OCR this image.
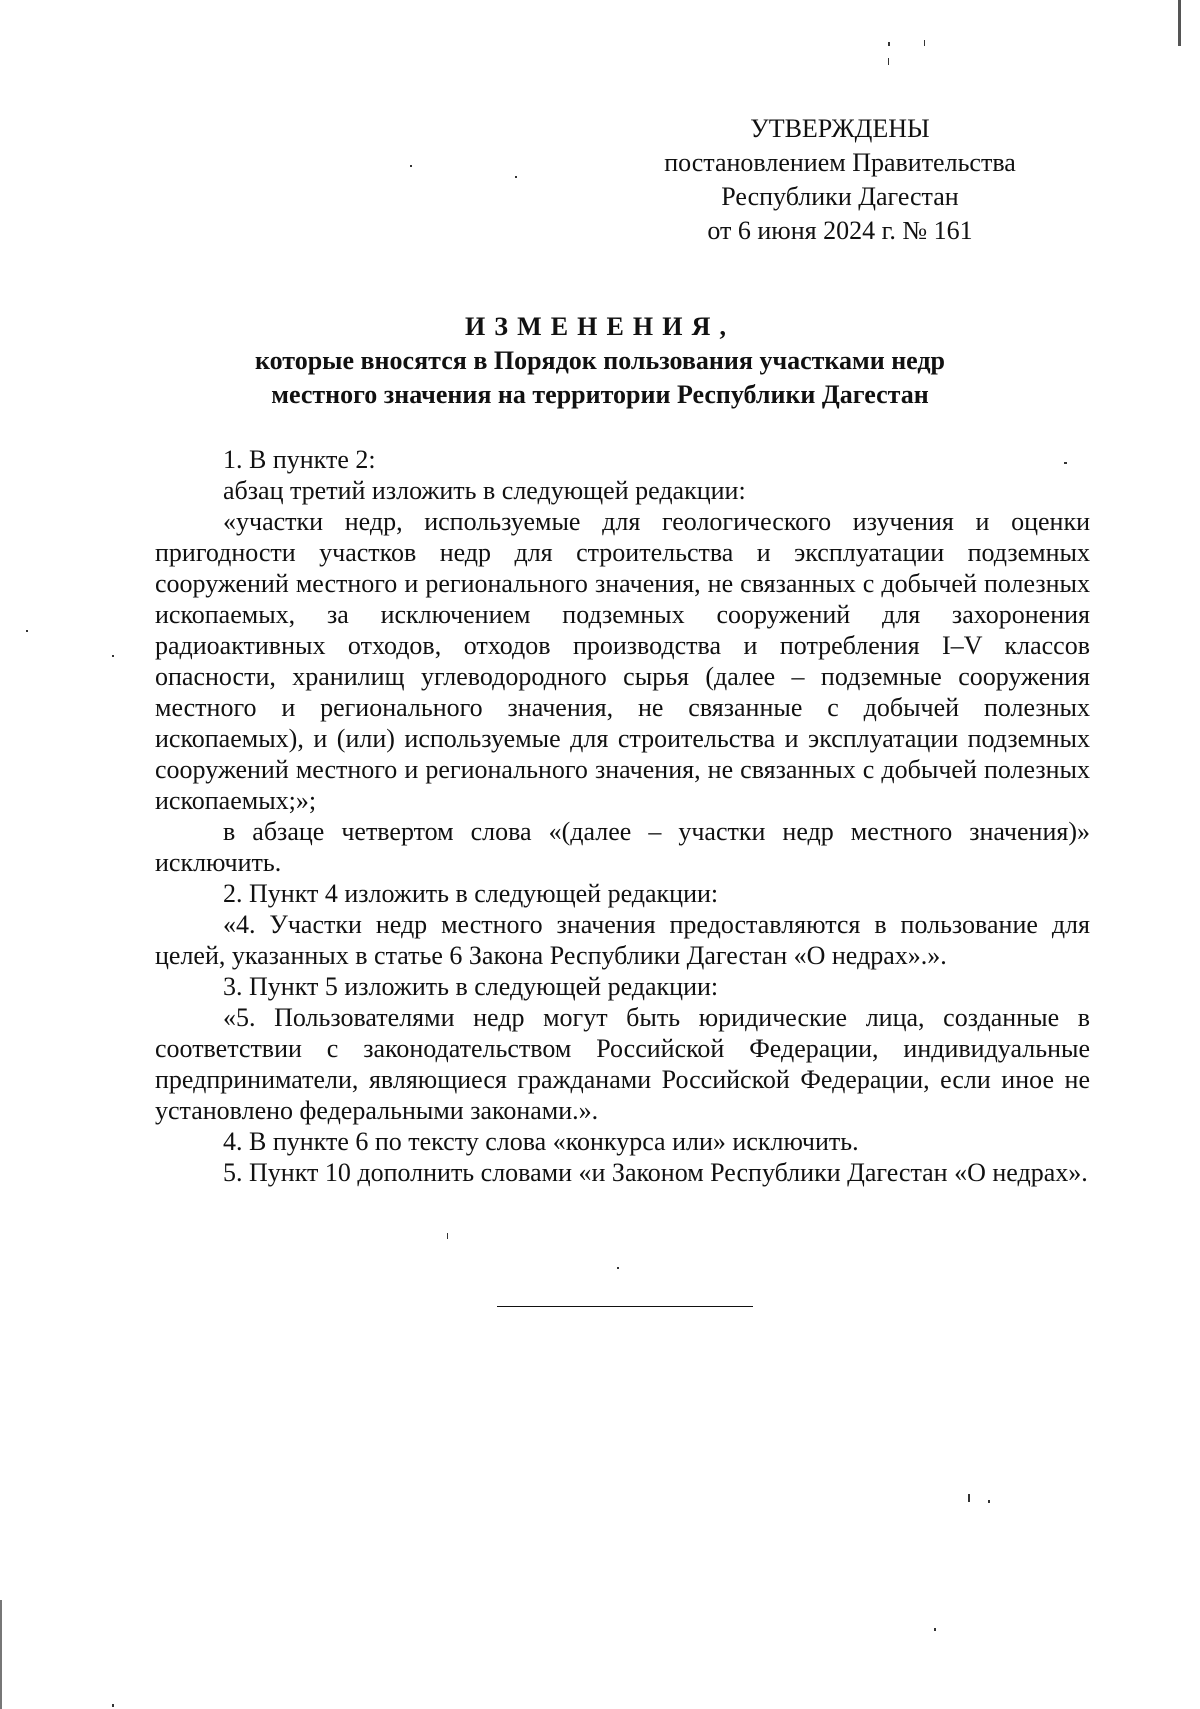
УТВЕРЖДЕНЫ
постановлением Правительства
Республики Дагестан
от 6 июня 2024 г. № 161
ИЗМЕНЕНИЯ,
которые вносятся в Порядок пользования участками недр
местного значения на территории Республики Дагестан

1. В пункте 2:

абзац третий изложить в следующей редакции:

«участки недр, используемые для геологического изучения и оценки пригодности участков недр для строительства и эксплуатации подземных сооружений местного и регионального значения, не связанных с добычей полезных ископаемых, за исключением подземных сооружений для захоронения радиоактивных отходов, отходов производства и потребления I–V классов опасности, хранилищ углеводородного сырья (далее – подземные сооружения местного и регионального значения, не связанные с добычей полезных ископаемых), и (или) используемые для строительства и эксплуатации подземных сооружений местного и регионального значения, не связанных с добычей полезных ископаемых;»;

в абзаце четвертом слова «(далее – участки недр местного значения)» исключить.

2. Пункт 4 изложить в следующей редакции:

«4. Участки недр местного значения предоставляются в пользование для целей, указанных в статье 6 Закона Республики Дагестан «О недрах».».

3. Пункт 5 изложить в следующей редакции:

«5. Пользователями недр могут быть юридические лица, созданные в соответствии с законодательством Российской Федерации, индивидуальные предприниматели, являющиеся гражданами Российской Федерации, если иное не установлено федеральными законами.».

4. В пункте 6 по тексту слова «конкурса или» исключить.

5. Пункт 10 дополнить словами «и Законом Республики Дагестан «О недрах».
